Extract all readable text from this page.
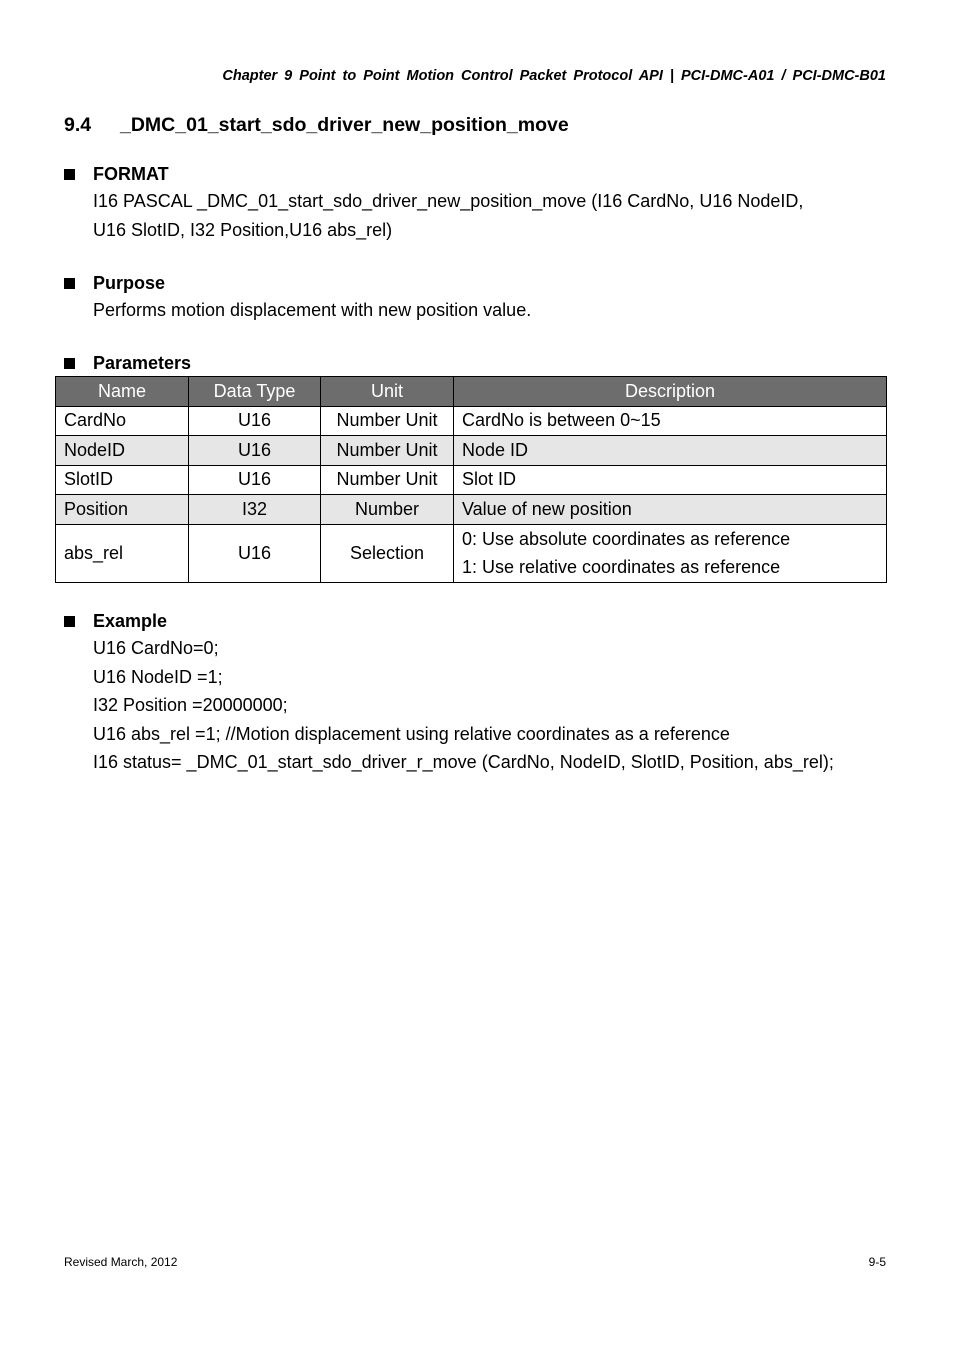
Chapter 9 Point to Point Motion Control Packet Protocol API | PCI-DMC-A01 / PCI-DMC-B01
9.4 _DMC_01_start_sdo_driver_new_position_move
FORMAT
I16 PASCAL _DMC_01_start_sdo_driver_new_position_move (I16 CardNo, U16 NodeID,
U16 SlotID, I32 Position,U16 abs_rel)
Purpose
Performs motion displacement with new position value.
Parameters
Name	Data Type	Unit	Description
CardNo	U16	Number Unit	CardNo is between 0~15
NodeID	U16	Number Unit	Node ID
SlotID	U16	Number Unit	Slot ID
Position	I32	Number	Value of new position
abs_rel	U16	Selection	0: Use absolute coordinates as reference
1: Use relative coordinates as reference
Example
U16 CardNo=0;
U16 NodeID =1;
I32 Position =20000000;
U16 abs_rel =1; //Motion displacement using relative coordinates as a reference
I16 status= _DMC_01_start_sdo_driver_r_move (CardNo, NodeID, SlotID, Position, abs_rel);
Revised March, 2012	9-5
